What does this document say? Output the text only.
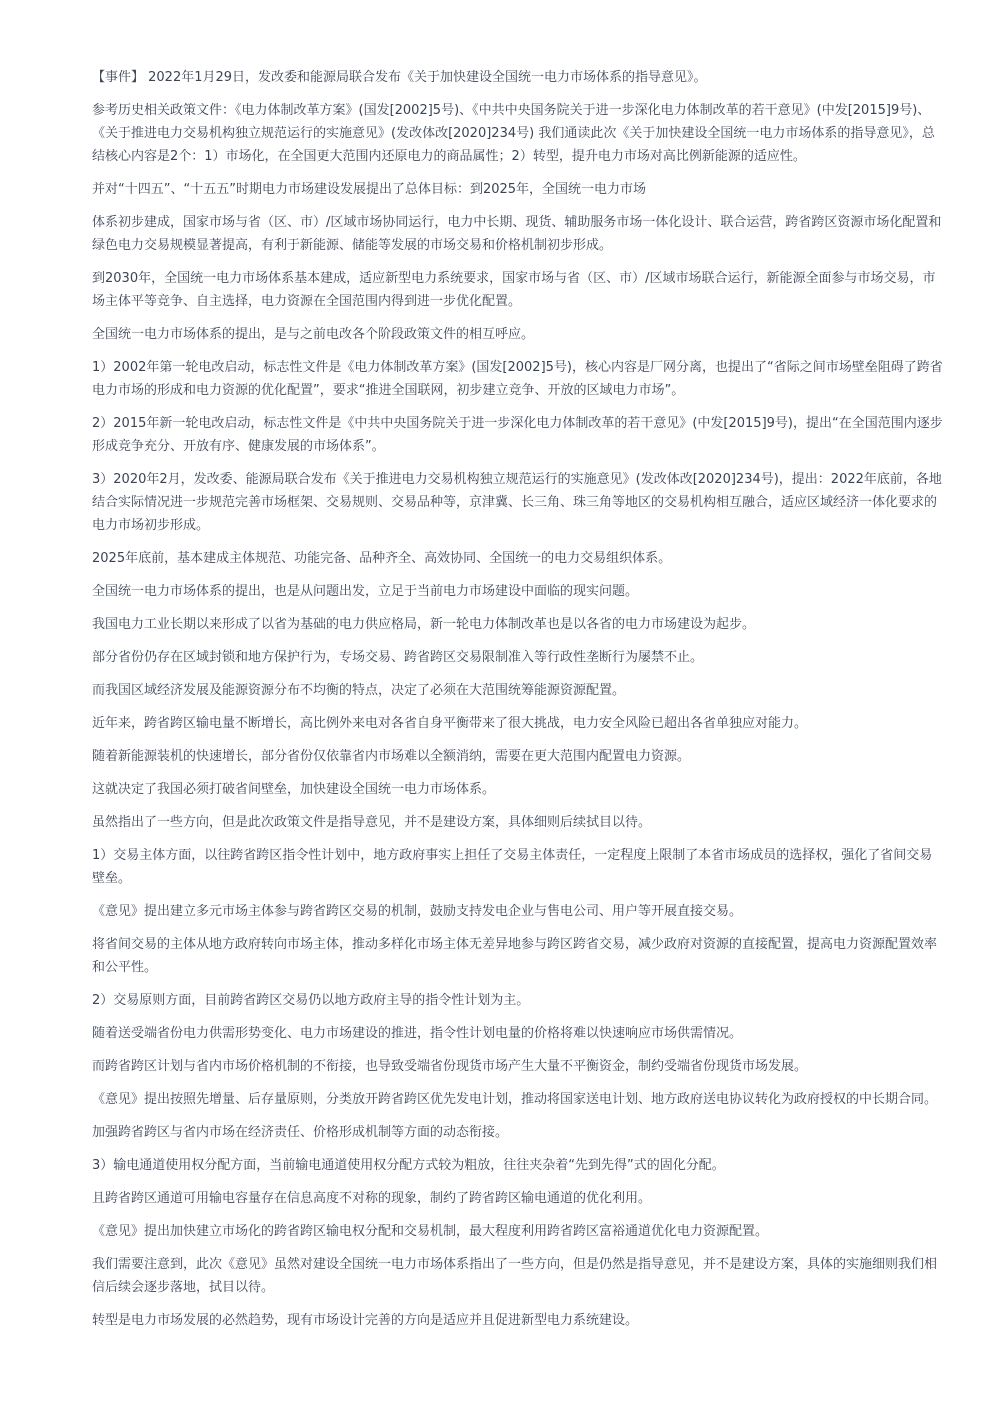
【事件】 2022年1月29日，发改委和能源局联合发布《关于加快建设全国统一电力市场体系的指导意见》。

参考历史相关政策文件：《电力体制改革方案》(国发[2002]5号)、《中共中央国务院关于进一步深化电力体制改革的若干意见》(中发[2015]9号)、《关于推进电力交易机构独立规范运行的实施意见》(发改体改[2020]234号) 我们通读此次《关于加快建设全国统一电力市场体系的指导意见》，总结核心内容是2个：1）市场化，在全国更大范围内还原电力的商品属性；2）转型，提升电力市场对高比例新能源的适应性。

并对“十四五”、“十五五”时期电力市场建设发展提出了总体目标：到2025年，全国统一电力市场

体系初步建成，国家市场与省（区、市）/区域市场协同运行，电力中长期、现货、辅助服务市场一体化设计、联合运营，跨省跨区资源市场化配置和绿色电力交易规模显著提高，有利于新能源、储能等发展的市场交易和价格机制初步形成。

到2030年，全国统一电力市场体系基本建成，适应新型电力系统要求，国家市场与省（区、市）/区域市场联合运行，新能源全面参与市场交易，市场主体平等竞争、自主选择，电力资源在全国范围内得到进一步优化配置。

全国统一电力市场体系的提出，是与之前电改各个阶段政策文件的相互呼应。

1）2002年第一轮电改启动，标志性文件是《电力体制改革方案》(国发[2002]5号)，核心内容是厂网分离，也提出了“省际之间市场壁垒阻碍了跨省电力市场的形成和电力资源的优化配置”，要求“推进全国联网，初步建立竞争、开放的区域电力市场”。

2）2015年新一轮电改启动，标志性文件是《中共中央国务院关于进一步深化电力体制改革的若干意见》(中发[2015]9号)，提出“在全国范围内逐步形成竞争充分、开放有序、健康发展的市场体系”。

3）2020年2月，发改委、能源局联合发布《关于推进电力交易机构独立规范运行的实施意见》(发改体改[2020]234号)，提出：2022年底前，各地结合实际情况进一步规范完善市场框架、交易规则、交易品种等，京津冀、长三角、珠三角等地区的交易机构相互融合，适应区域经济一体化要求的电力市场初步形成。

2025年底前，基本建成主体规范、功能完备、品种齐全、高效协同、全国统一的电力交易组织体系。

全国统一电力市场体系的提出，也是从问题出发，立足于当前电力市场建设中面临的现实问题。

我国电力工业长期以来形成了以省为基础的电力供应格局，新一轮电力体制改革也是以各省的电力市场建设为起步。

部分省份仍存在区域封锁和地方保护行为，专场交易、跨省跨区交易限制准入等行政性垄断行为屡禁不止。

而我国区域经济发展及能源资源分布不均衡的特点，决定了必须在大范围统筹能源资源配置。

近年来，跨省跨区输电量不断增长，高比例外来电对各省自身平衡带来了很大挑战，电力安全风险已超出各省单独应对能力。

随着新能源装机的快速增长，部分省份仅依靠省内市场难以全额消纳，需要在更大范围内配置电力资源。

这就决定了我国必须打破省间壁垒，加快建设全国统一电力市场体系。

虽然指出了一些方向，但是此次政策文件是指导意见，并不是建设方案，具体细则后续拭目以待。

1）交易主体方面，以往跨省跨区指令性计划中，地方政府事实上担任了交易主体责任，一定程度上限制了本省市场成员的选择权，强化了省间交易壁垒。

《意见》提出建立多元市场主体参与跨省跨区交易的机制，鼓励支持发电企业与售电公司、用户等开展直接交易。

将省间交易的主体从地方政府转向市场主体，推动多样化市场主体无差异地参与跨区跨省交易，减少政府对资源的直接配置，提高电力资源配置效率和公平性。

2）交易原则方面，目前跨省跨区交易仍以地方政府主导的指令性计划为主。

随着送受端省份电力供需形势变化、电力市场建设的推进，指令性计划电量的价格将难以快速响应市场供需情况。

而跨省跨区计划与省内市场价格机制的不衔接，也导致受端省份现货市场产生大量不平衡资金，制约受端省份现货市场发展。

《意见》提出按照先增量、后存量原则，分类放开跨省跨区优先发电计划，推动将国家送电计划、地方政府送电协议转化为政府授权的中长期合同。

加强跨省跨区与省内市场在经济责任、价格形成机制等方面的动态衔接。

3）输电通道使用权分配方面，当前输电通道使用权分配方式较为粗放，往往夹杂着“先到先得”式的固化分配。

且跨省跨区通道可用输电容量存在信息高度不对称的现象，制约了跨省跨区输电通道的优化利用。

《意见》提出加快建立市场化的跨省跨区输电权分配和交易机制，最大程度利用跨省跨区富裕通道优化电力资源配置。

我们需要注意到，此次《意见》虽然对建设全国统一电力市场体系指出了一些方向，但是仍然是指导意见，并不是建设方案，具体的实施细则我们相信后续会逐步落地，拭目以待。

转型是电力市场发展的必然趋势，现有市场设计完善的方向是适应并且促进新型电力系统建设。
